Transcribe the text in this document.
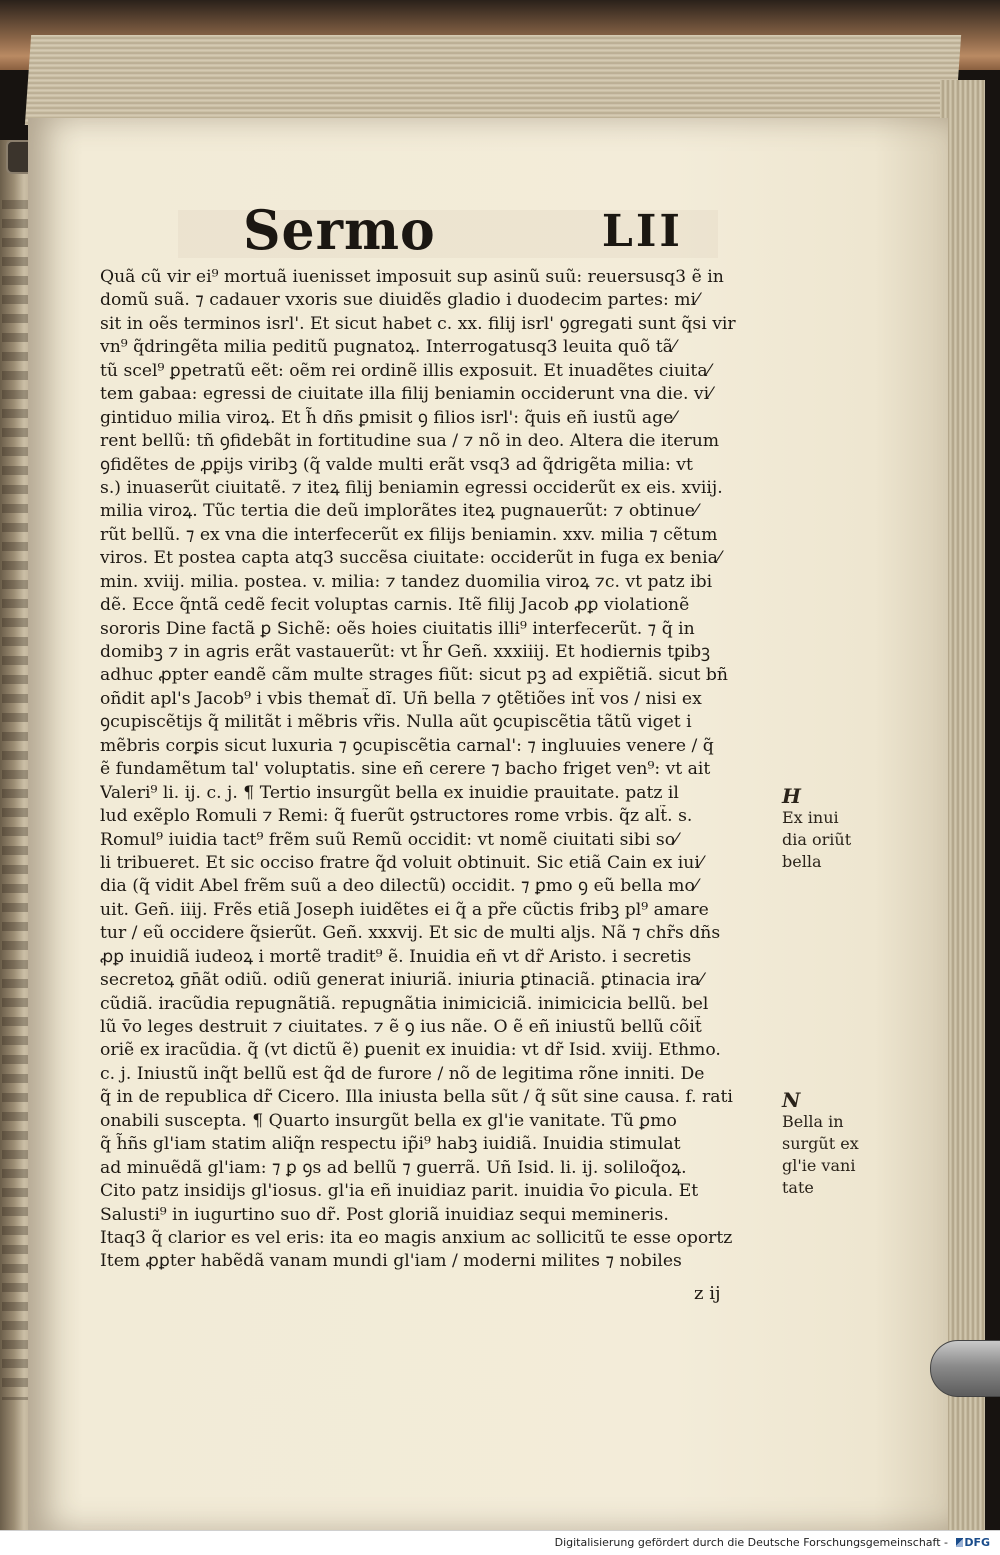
Sermo	LII
Quã cũ vir ei⁹ mortuã iuenisset imposuit sup asinũ suũ: reuersusq3 ẽ in
domũ suã. ⁊ cadauer vxoris sue diuidẽs gladio i duodecim partes: mi⁄
sit in oẽs terminos isrl'. Et sicut habet c. xx. filij isrl' ꝯgregati sunt q̃si vir
vn⁹ q̃dringẽta milia peditũ pugnatoꝝ. Interrogatusq3 leuita quõ tã⁄
tũ scel⁹ ꝑpetratũ eẽt: oẽm rei ordinẽ illis exposuit. Et inuadẽtes ciuita⁄
tem gabaa: egressi de ciuitate illa filij beniamin occiderunt vna die. vi⁄
gintiduo milia viroꝝ. Et h̃ dñs ꝑmisit ꝯ filios isrl': q̃uis eñ iustũ age⁄
rent bellũ: tñ ꝯfidebãt in fortitudine sua / ⁊ nõ in deo. Altera die iterum
ꝯfidẽtes de ꝓꝑijs viribꝫ (q̃ valde multi erãt vsq3 ad q̃drigẽta milia: vt
s.) inuaserũt ciuitatẽ. ⁊ iteꝝ filij beniamin egressi occiderũt ex eis. xviij.
milia viroꝝ. Tũc tertia die deũ implorãtes iteꝝ pugnauerũt: ⁊ obtinue⁄
rũt bellũ. ⁊ ex vna die interfecerũt ex filijs beniamin. xxv. milia ⁊ cẽtum
viros. Et postea capta atq3 succẽsa ciuitate: occiderũt in fuga ex benia⁄
min. xviij. milia. postea. v. milia: ⁊ tandez duomilia viroꝝ ⁊c. vt patz ibi
dẽ. Ecce q̃ntã cedẽ fecit voluptas carnis. Itẽ filij Jacob ꝓꝑ violationẽ
sororis Dine factã ꝑ Sichẽ: oẽs hoies ciuitatis illi⁹ interfecerũt. ⁊ q̃ in
domibꝫ ⁊ in agris erãt vastauerũt: vt h̃r Geñ. xxxiiij. Et hodiernis tꝑibꝫ
adhuc ꝓpter eandẽ cãm multe strages fiũt: sicut pꝫ ad expiẽtiã. sicut bñ
oñdit apl's Jacob⁹ i vbis themat̃ dĩ. Uñ bella ⁊ ꝯtẽtiões int̃ vos / nisi ex
ꝯcupiscẽtijs q̃ militãt i mẽbris vr̃is. Nulla aũt ꝯcupiscẽtia tãtũ viget i
mẽbris corꝑis sicut luxuria ⁊ ꝯcupiscẽtia carnal': ⁊ ingluuies venere / q̃
ẽ fundamẽtum tal' voluptatis. sine eñ cerere ⁊ bacho friget ven⁹: vt ait
Valeri⁹ li. ij. c. j. ¶ Tertio insurgũt bella ex inuidie prauitate. patz il
lud exẽplo Romuli ⁊ Remi: q̃ fuerũt ꝯstructores rome vrbis. q̃z alt̃. s.
Romul⁹ iuidia tact⁹ frẽm suũ Remũ occidit: vt nomẽ ciuitati sibi so⁄
li tribueret. Et sic occiso fratre q̃d voluit obtinuit. Sic etiã Cain ex iui⁄
dia (q̃ vidit Abel frẽm suũ a deo dilectũ) occidit. ⁊ ꝑmo ꝯ eũ bella mo⁄
uit. Geñ. iiij. Frẽs etiã Joseph iuidẽtes ei q̃ a pr̃e cũctis fribꝫ pl⁹ amare
tur / eũ occidere q̃sierũt. Geñ. xxxvij. Et sic de multi aljs. Nã ⁊ chr̃s dñs
ꝓꝑ inuidiã iudeoꝝ i mortẽ tradit⁹ ẽ. Inuidia eñ vt dr̃ Aristo. i secretis
secretoꝝ gn̄ãt odiũ. odiũ generat iniuriã. iniuria ꝑtinaciã. ꝑtinacia ira⁄
cũdiã. iracũdia repugnãtiã. repugnãtia inimiciciã. inimicicia bellũ. bel
lũ v̄o leges destruit ⁊ ciuitates. ⁊ ẽ ꝯ ius nãe. O ẽ eñ iniustũ bellũ cõit̃
oriẽ ex iracũdia. q̃ (vt dictũ ẽ) ꝑuenit ex inuidia: vt dr̃ Isid. xviij. Ethmo.
c. j. Iniustũ inq̃t bellũ est q̃d de furore / nõ de legitima rõne inniti. De
q̃ in de republica dr̃ Cicero. Illa iniusta bella sũt / q̃ sũt sine causa. f. rati
onabili suscepta. ¶ Quarto insurgũt bella ex gl'ie vanitate. Tũ ꝑmo
q̃ h̃ñs gl'iam statim aliq̃n respectu ip̃i⁹ habꝫ iuidiã. Inuidia stimulat
ad minuẽdã gl'iam: ⁊ ꝑ ꝯs ad bellũ ⁊ guerrã. Uñ Isid. li. ij. soliloq̃oꝝ.
Cito patz insidijs gl'iosus. gl'ia eñ inuidiaz parit. inuidia v̄o ꝑicula. Et
Salusti⁹ in iugurtino suo dr̃. Post gloriã inuidiaz sequi memineris.
Itaq3 q̃ clarior es vel eris: ita eo magis anxium ac sollicitũ te esse oportz
Item ꝓꝑter habẽdã vanam mundi gl'iam / moderni milites ⁊ nobiles
H
Ex inui
dia oriũt
bella
N
Bella in
surgũt ex
gl'ie vani
tate
z ij
Digitalisierung gefördert durch die Deutsche Forschungsgemeinschaft -	DFG
